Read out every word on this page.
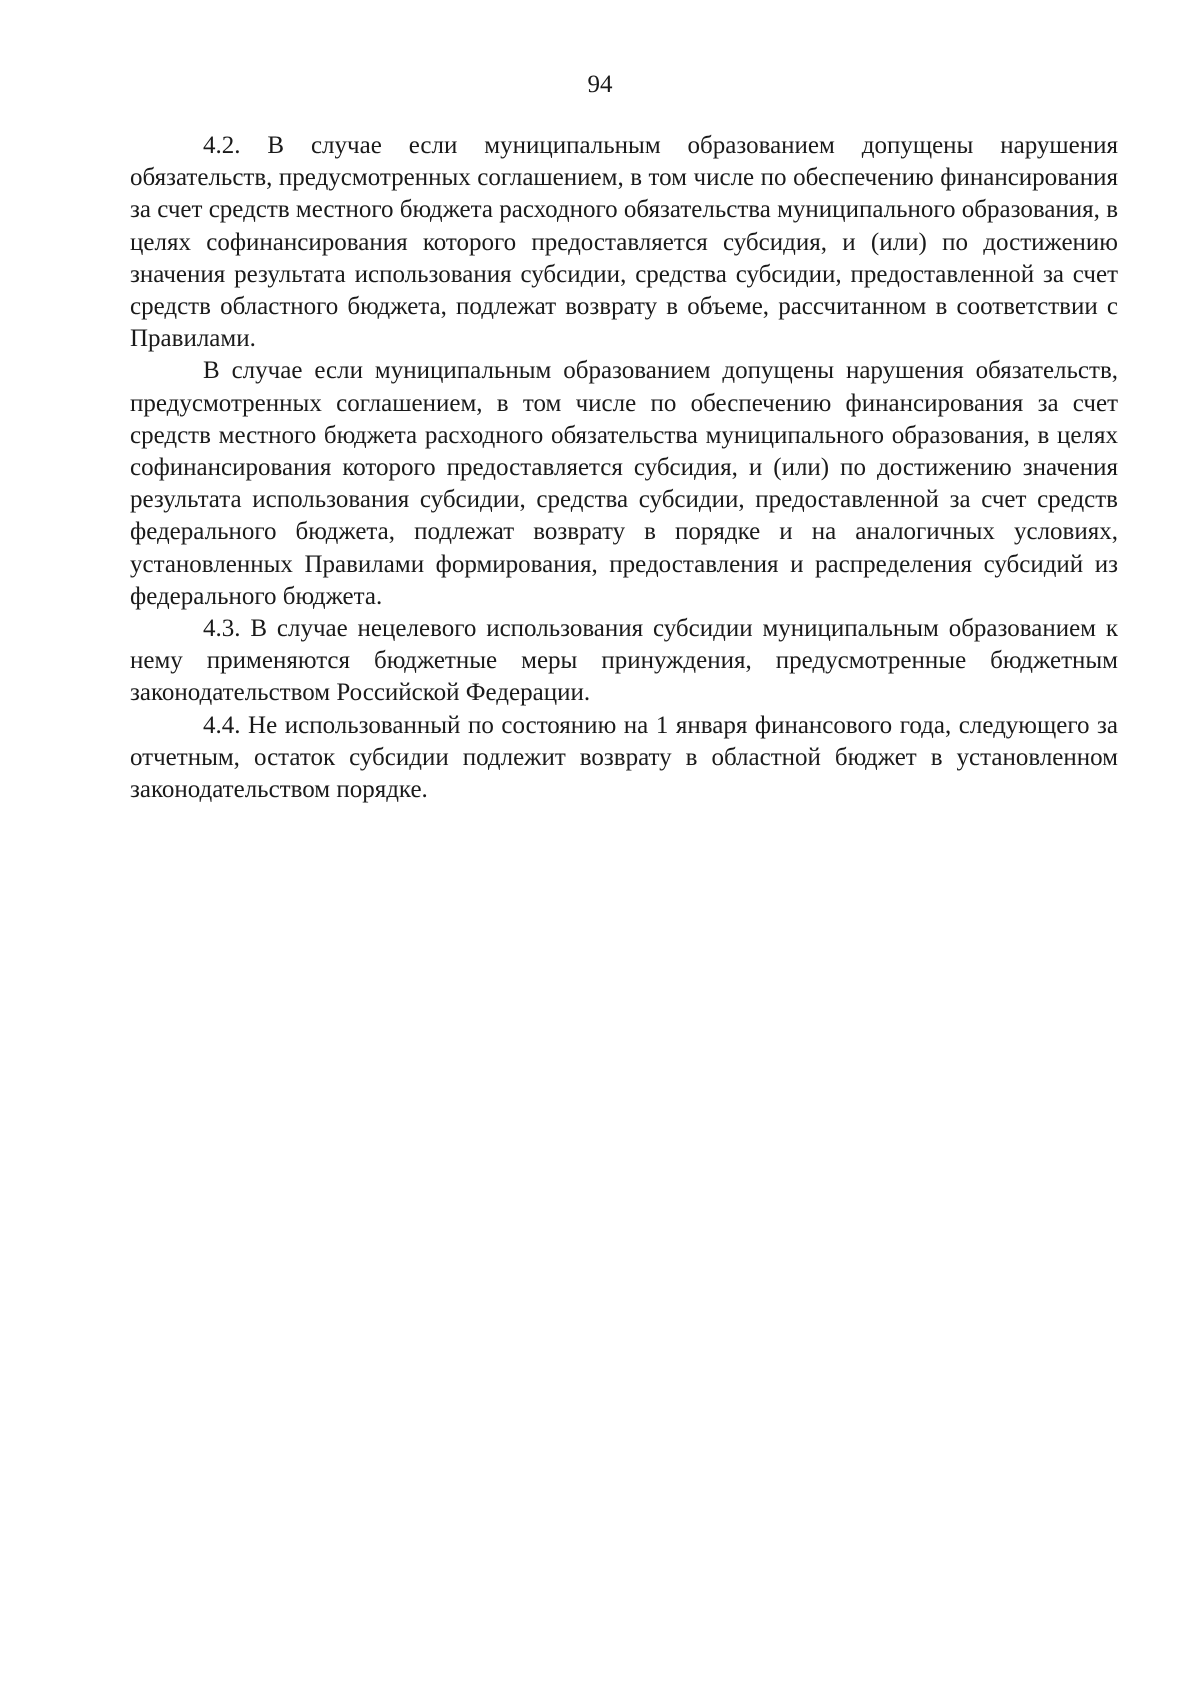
94

4.2. В случае если муниципальным образованием допущены нарушения обязательств, предусмотренных соглашением, в том числе по обеспечению финансирования за счет средств местного бюджета расходного обязательства муниципального образования, в целях софинансирования которого предоставляется субсидия, и (или) по достижению значения результата использования субсидии, средства субсидии, предоставленной за счет средств областного бюджета, подлежат возврату в объеме, рассчитанном в соответствии с Правилами.

В случае если муниципальным образованием допущены нарушения обязательств, предусмотренных соглашением, в том числе по обеспечению финансирования за счет средств местного бюджета расходного обязательства муниципального образования, в целях софинансирования которого предоставляется субсидия, и (или) по достижению значения результата использования субсидии, средства субсидии, предоставленной за счет средств федерального бюджета, подлежат возврату в порядке и на аналогичных условиях, установленных Правилами формирования, предоставления и распределения субсидий из федерального бюджета.

4.3. В случае нецелевого использования субсидии муниципальным образованием к нему применяются бюджетные меры принуждения, предусмотренные бюджетным законодательством Российской Федерации.

4.4. Не использованный по состоянию на 1 января финансового года, следующего за отчетным, остаток субсидии подлежит возврату в областной бюджет в установленном законодательством порядке.
